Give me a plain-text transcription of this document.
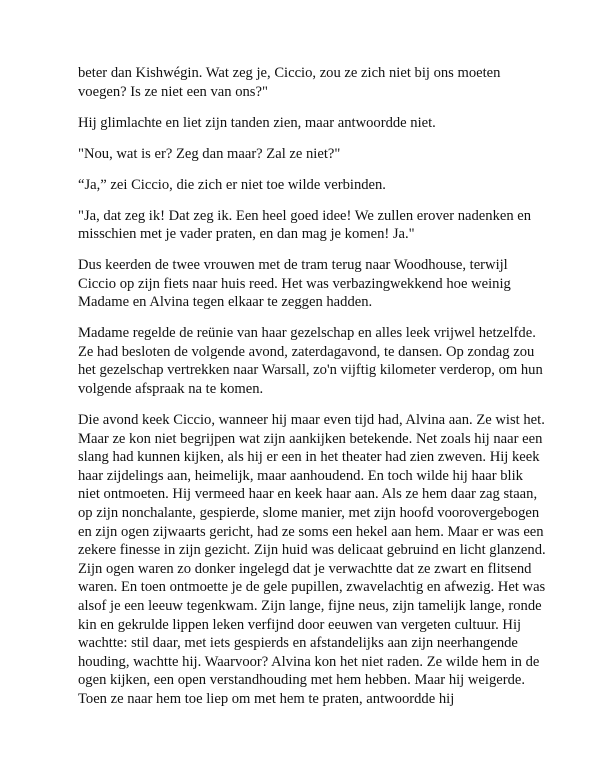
beter dan Kishwégin. Wat zeg je, Ciccio, zou ze zich niet bij ons moeten voegen? Is ze niet een van ons?"

Hij glimlachte en liet zijn tanden zien, maar antwoordde niet.

"Nou, wat is er? Zeg dan maar? Zal ze niet?"

“Ja,” zei Ciccio, die zich er niet toe wilde verbinden.

"Ja, dat zeg ik! Dat zeg ik. Een heel goed idee! We zullen erover nadenken en misschien met je vader praten, en dan mag je komen! Ja."

Dus keerden de twee vrouwen met de tram terug naar Woodhouse, terwijl Ciccio op zijn fiets naar huis reed. Het was verbazingwekkend hoe weinig Madame en Alvina tegen elkaar te zeggen hadden.

Madame regelde de reünie van haar gezelschap en alles leek vrijwel hetzelfde. Ze had besloten de volgende avond, zaterdagavond, te dansen. Op zondag zou het gezelschap vertrekken naar Warsall, zo'n vijftig kilometer verderop, om hun volgende afspraak na te komen.

Die avond keek Ciccio, wanneer hij maar even tijd had, Alvina aan. Ze wist het. Maar ze kon niet begrijpen wat zijn aankijken betekende. Net zoals hij naar een slang had kunnen kijken, als hij er een in het theater had zien zweven. Hij keek haar zijdelings aan, heimelijk, maar aanhoudend. En toch wilde hij haar blik niet ontmoeten. Hij vermeed haar en keek haar aan. Als ze hem daar zag staan, op zijn nonchalante, gespierde, slome manier, met zijn hoofd voorovergebogen en zijn ogen zijwaarts gericht, had ze soms een hekel aan hem. Maar er was een zekere finesse in zijn gezicht. Zijn huid was delicaat gebruind en licht glanzend. Zijn ogen waren zo donker ingelegd dat je verwachtte dat ze zwart en flitsend waren. En toen ontmoette je de gele pupillen, zwavelachtig en afwezig. Het was alsof je een leeuw tegenkwam. Zijn lange, fijne neus, zijn tamelijk lange, ronde kin en gekrulde lippen leken verfijnd door eeuwen van vergeten cultuur. Hij wachtte: stil daar, met iets gespierds en afstandelijks aan zijn neerhangende houding, wachtte hij. Waarvoor? Alvina kon het niet raden. Ze wilde hem in de ogen kijken, een open verstandhouding met hem hebben. Maar hij weigerde. Toen ze naar hem toe liep om met hem te praten, antwoordde hij
